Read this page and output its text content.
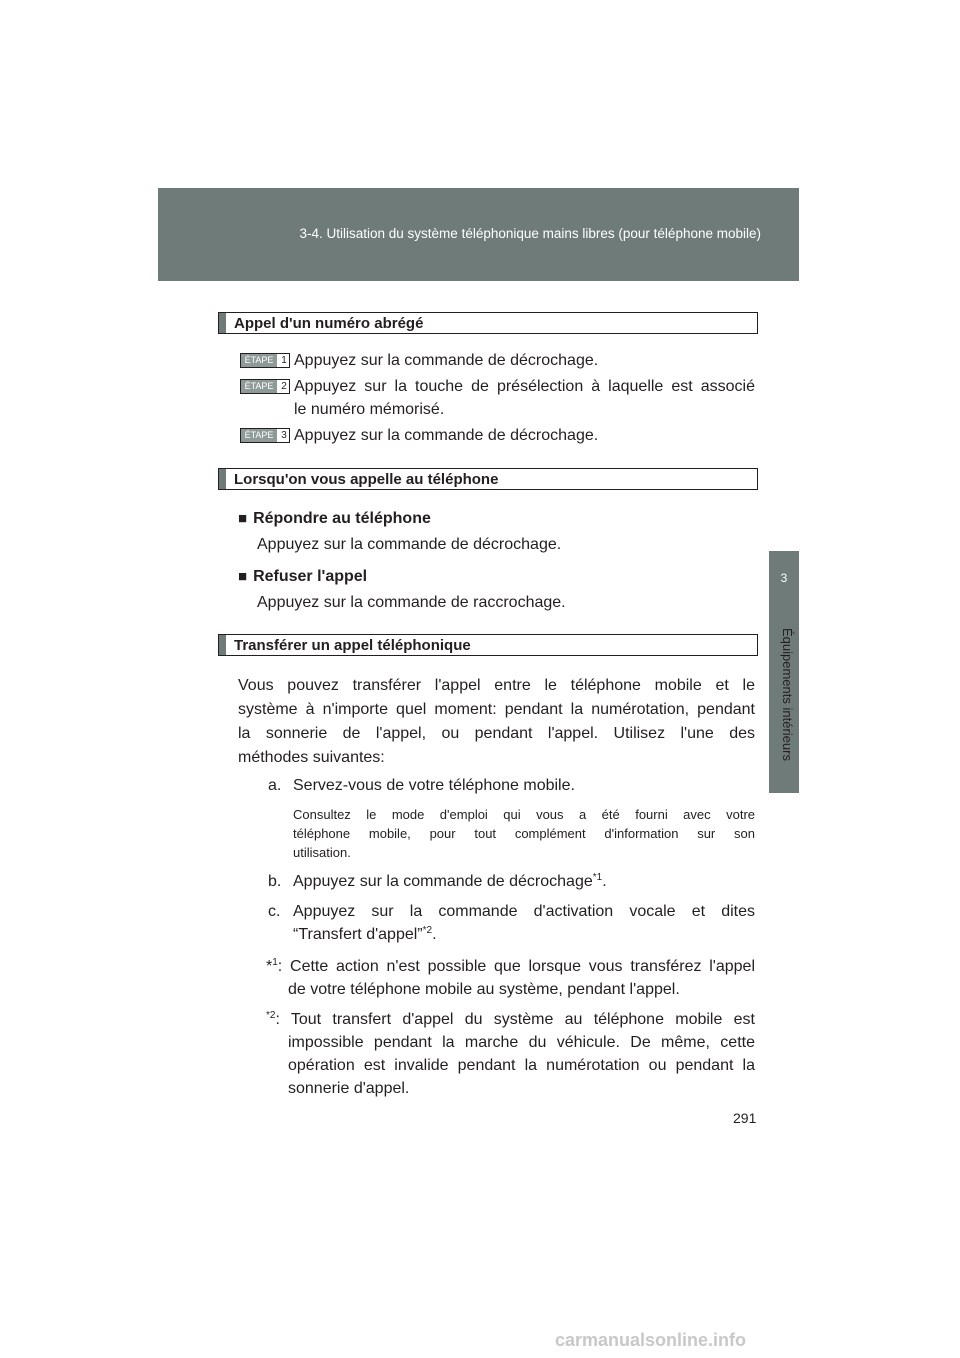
3-4. Utilisation du système téléphonique mains libres (pour téléphone mobile)
3
Équipements intérieurs
Appel d'un numéro abrégé
ÉTAPE 1 Appuyez sur la commande de décrochage.
ÉTAPE 2 Appuyez sur la touche de présélection à laquelle est associé
le numéro mémorisé.
ÉTAPE 3 Appuyez sur la commande de décrochage.
Lorsqu'on vous appelle au téléphone
■ Répondre au téléphone
Appuyez sur la commande de décrochage.
■ Refuser l'appel
Appuyez sur la commande de raccrochage.
Transférer un appel téléphonique
Vous pouvez transférer l'appel entre le téléphone mobile et le
système à n'importe quel moment: pendant la numérotation, pendant
la sonnerie de l'appel, ou pendant l'appel. Utilisez l'une des
méthodes suivantes:
a. Servez-vous de votre téléphone mobile.
Consultez le mode d'emploi qui vous a été fourni avec votre
téléphone mobile, pour tout complément d'information sur son
utilisation.
b. Appuyez sur la commande de décrochage$^{*1}$.
c. Appuyez sur la commande d'activation vocale et dites
“Transfert d'appel”$^{*2}$.
*$^1$: Cette action n'est possible que lorsque vous transférez l'appel
de votre téléphone mobile au système, pendant l'appel.
$^{*2}$: Tout transfert d'appel du système au téléphone mobile est
impossible pendant la marche du véhicule. De même, cette
opération est invalide pendant la numérotation ou pendant la
sonnerie d'appel.
291
carmanualsonline.info
